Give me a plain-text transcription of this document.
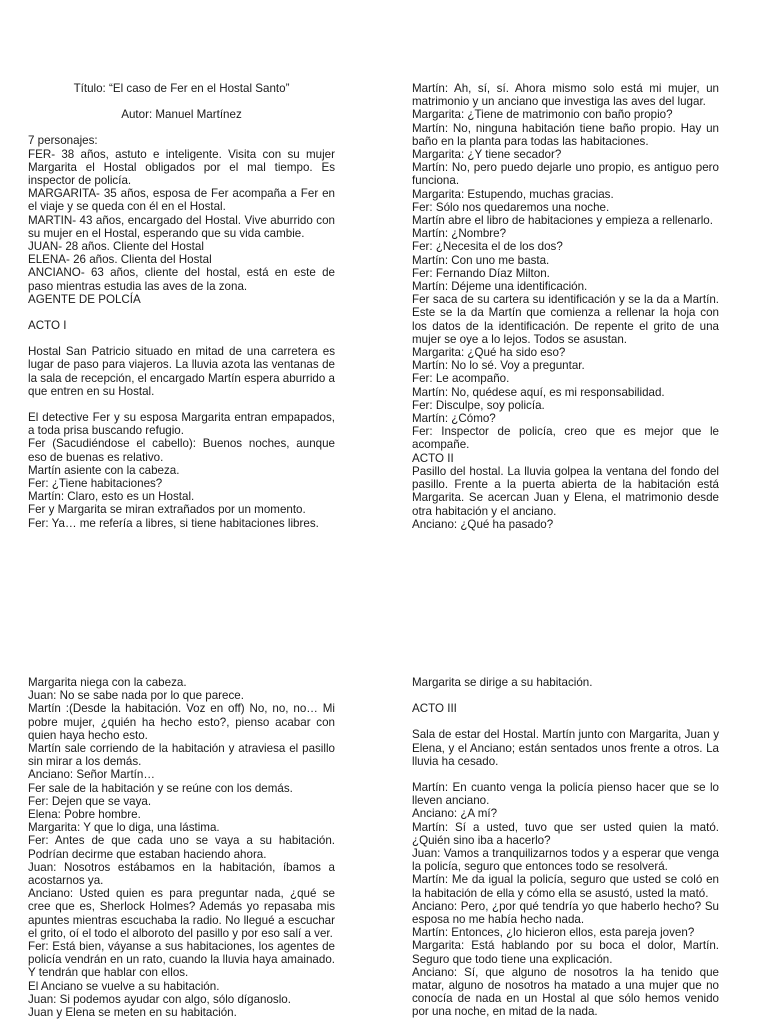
Título: “El caso de Fer en el Hostal Santo”
Autor: Manuel Martínez
7 personajes:
FER- 38 años, astuto e inteligente. Visita con su mujer Margarita el Hostal obligados por el mal tiempo. Es inspector de policía.
MARGARITA- 35 años, esposa de Fer acompaña a Fer en el viaje y se queda con él en el Hostal.
MARTIN- 43 años, encargado del Hostal. Vive aburrido con su mujer en el Hostal, esperando que su vida cambie.
JUAN- 28 años. Cliente del Hostal
ELENA- 26 años. Clienta del Hostal
ANCIANO- 63 años, cliente del hostal, está en este de paso mientras estudia las aves de la zona.
AGENTE DE POLCÍA
ACTO I
Hostal San Patricio situado en mitad de una carretera es lugar de paso para viajeros. La lluvia azota las ventanas de la sala de recepción, el encargado Martín espera aburrido a que entren en su Hostal.
El detective Fer y su esposa Margarita entran empapados, a toda prisa buscando refugio.
Fer (Sacudiéndose el cabello): Buenos noches, aunque eso de buenas es relativo.
Martín asiente con la cabeza.
Fer: ¿Tiene habitaciones?
Martín: Claro, esto es un Hostal.
Fer y Margarita se miran extrañados por un momento.
Fer: Ya… me refería a libres, si tiene habitaciones libres.
Martín: Ah, sí, sí. Ahora mismo solo está mi mujer, un matrimonio y un anciano que investiga las aves del lugar.
Margarita: ¿Tiene de matrimonio con baño propio?
Martín: No, ninguna habitación tiene baño propio. Hay un baño en la planta para todas las habitaciones.
Margarita: ¿Y tiene secador?
Martín: No, pero puedo dejarle uno propio, es antiguo pero funciona.
Margarita: Estupendo, muchas gracias.
Fer: Sólo nos quedaremos una noche.
Martín abre el libro de habitaciones y empieza a rellenarlo.
Martín: ¿Nombre?
Fer: ¿Necesita el de los dos?
Martín: Con uno me basta.
Fer: Fernando Díaz Milton.
Martín: Déjeme una identificación.
Fer saca de su cartera su identificación y se la da a Martín. Este se la da Martín que comienza a rellenar la hoja con los datos de la identificación. De repente el grito de una mujer se oye a lo lejos. Todos se asustan.
Margarita: ¿Qué ha sido eso?
Martín: No lo sé. Voy a preguntar.
Fer: Le acompaño.
Martín: No, quédese aquí, es mi responsabilidad.
Fer: Disculpe, soy policía.
Martín: ¿Cómo?
Fer: Inspector de policía, creo que es mejor que le acompañe.
ACTO II
Pasillo del hostal. La lluvia golpea la ventana del fondo del pasillo. Frente a la puerta abierta de la habitación está Margarita. Se acercan Juan y Elena, el matrimonio desde otra habitación y el anciano.
Anciano: ¿Qué ha pasado?
Margarita niega con la cabeza.
Juan: No se sabe nada por lo que parece.
Martín :(Desde la habitación. Voz en off) No, no, no… Mi pobre mujer, ¿quién ha hecho esto?, pienso acabar con quien haya hecho esto.
Martín sale corriendo de la habitación y atraviesa el pasillo sin mirar a los demás.
Anciano: Señor Martín…
Fer sale de la habitación y se reúne con los demás.
Fer: Dejen que se vaya.
Elena: Pobre hombre.
Margarita: Y que lo diga, una lástima.
Fer: Antes de que cada uno se vaya a su habitación. Podrían decirme que estaban haciendo ahora.
Juan: Nosotros estábamos en la habitación, íbamos a acostarnos ya.
Anciano: Usted quien es para preguntar nada, ¿qué se cree que es, Sherlock Holmes? Además yo repasaba mis apuntes mientras escuchaba la radio. No llegué a escuchar el grito, oí el todo el alboroto del pasillo y por eso salí a ver.
Fer: Está bien, váyanse a sus habitaciones, los agentes de policía vendrán en un rato, cuando la lluvia haya amainado. Y tendrán que hablar con ellos.
El Anciano se vuelve a su habitación.
Juan: Si podemos ayudar con algo, sólo díganoslo.
Juan y Elena se meten en su habitación.
Margarita se dirige a su habitación.
ACTO III
Sala de estar del Hostal. Martín junto con Margarita, Juan y Elena, y el Anciano; están sentados unos frente a otros. La lluvia ha cesado.
Martín: En cuanto venga la policía pienso hacer que se lo lleven anciano.
Anciano: ¿A mí?
Martín: Sí a usted, tuvo que ser usted quien la mató. ¿Quién sino iba a hacerlo?
Juan: Vamos a tranquilizarnos todos y a esperar que venga la policía, seguro que entonces todo se resolverá.
Martín: Me da igual la policía, seguro que usted se coló en la habitación de ella y cómo ella se asustó, usted la mató.
Anciano: Pero, ¿por qué tendría yo que haberlo hecho? Su esposa no me había hecho nada.
Martín: Entonces, ¿lo hicieron ellos, esta pareja joven?
Margarita: Está hablando por su boca el dolor, Martín. Seguro que todo tiene una explicación.
Anciano: Sí, que alguno de nosotros la ha tenido que matar, alguno de nosotros ha matado a una mujer que no conocía de nada en un Hostal al que sólo hemos venido por una noche, en mitad de la nada.
